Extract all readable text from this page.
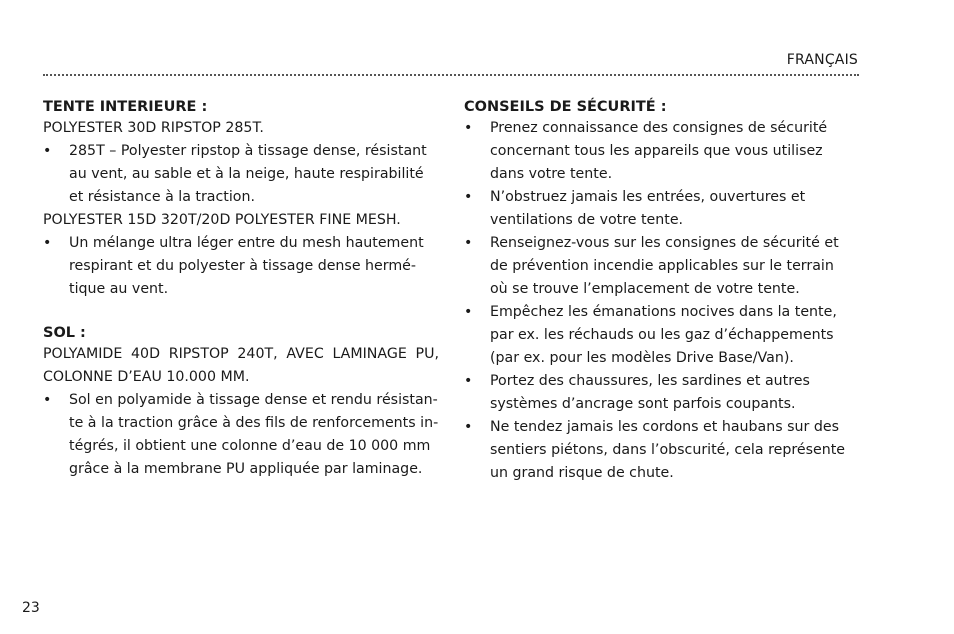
FRANÇAIS
TENTE INTERIEURE :

POLYESTER 30D RIPSTOP 285T.

• 285T – Polyester ripstop à tissage dense, résistant au vent, au sable et à la neige, haute respirabilité et résistance à la traction.

POLYESTER 15D 320T/20D POLYESTER FINE MESH.

• Un mélange ultra léger entre du mesh hautement respirant et du polyester à tissage dense hermétique au vent.
SOL :

POLYAMIDE 40D RIPSTOP 240T, AVEC LAMINAGE PU, COLONNE D’EAU 10.000 MM.

• Sol en polyamide à tissage dense et rendu résistante à la traction grâce à des fils de renforcements intégrés, il obtient une colonne d’eau de 10 000 mm grâce à la membrane PU appliquée par laminage.
CONSEILS DE SÉCURITÉ :
• Prenez connaissance des consignes de sécurité concernant tous les appareils que vous utilisez dans votre tente.
• N’obstruez jamais les entrées, ouvertures et ventilations de votre tente.
• Renseignez-vous sur les consignes de sécurité et de prévention incendie applicables sur le terrain où se trouve l’emplacement de votre tente.
• Empêchez les émanations nocives dans la tente, par ex. les réchauds ou les gaz d’échappements (par ex. pour les modèles Drive Base/Van).
• Portez des chaussures, les sardines et autres systèmes d’ancrage sont parfois coupants.
• Ne tendez jamais les cordons et haubans sur des sentiers piétons, dans l’obscurité, cela représente un grand risque de chute.
23
